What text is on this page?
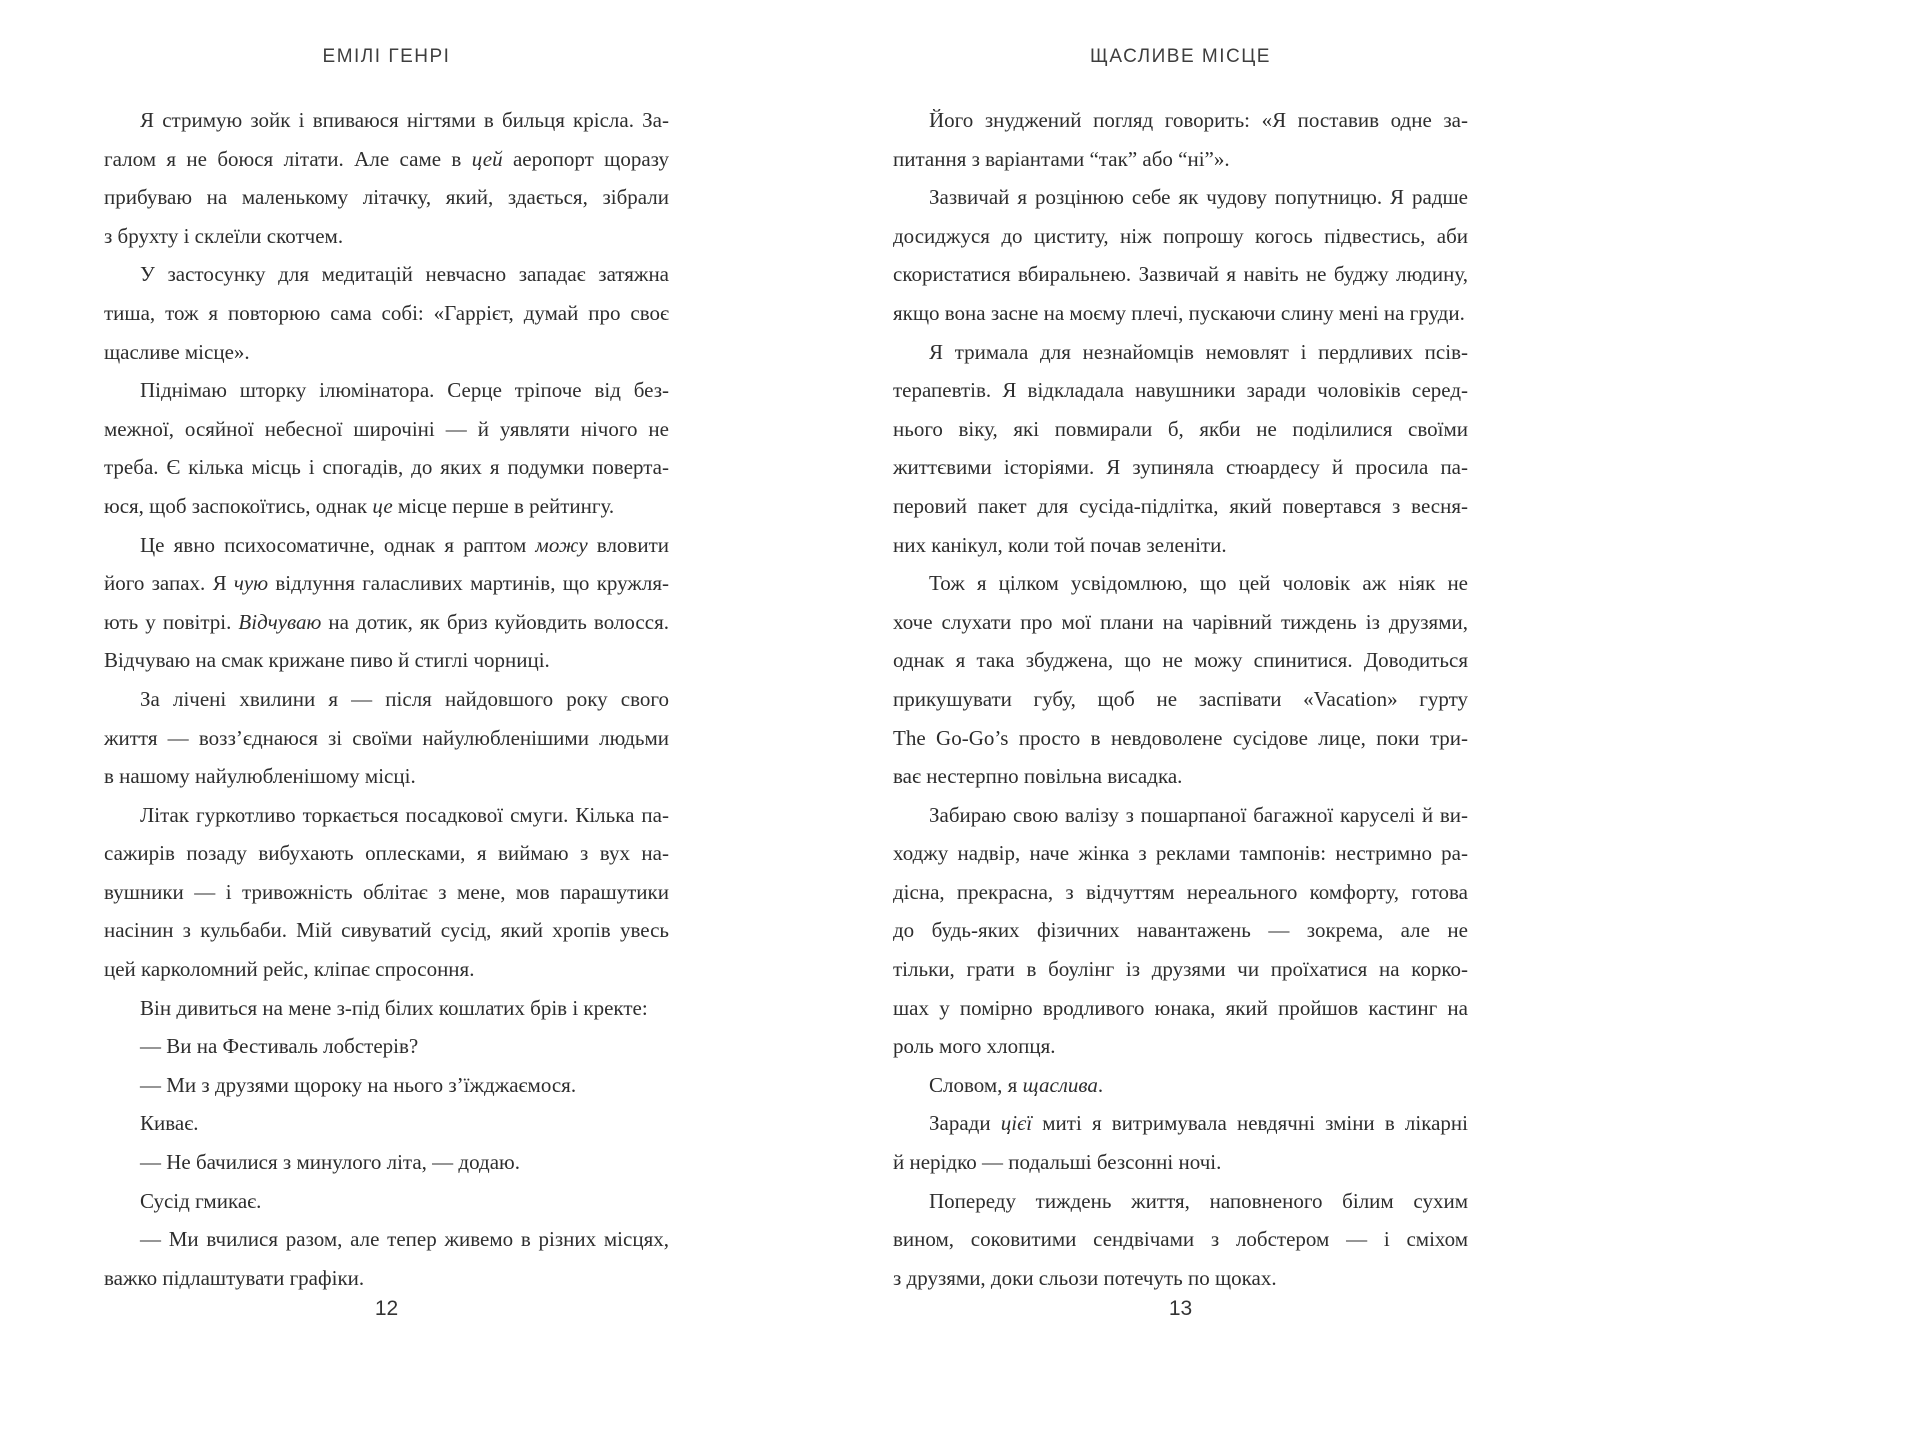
ЕМІЛІ ГЕНРІ
Я стримую зойк і впиваюся нігтями в бильця крісла. За-
галом я не боюся літати. Але саме в цей аеропорт щоразу
прибуваю на маленькому літачку, який, здається, зібрали
з брухту і склеїли скотчем.
У застосунку для медитацій невчасно западає затяжна
тиша, тож я повторюю сама собі: «Гаррієт, думай про своє
щасливе місце».
Піднімаю шторку ілюмінатора. Серце тріпоче від без-
межної, осяйної небесної широчіні — й уявляти нічого не
треба. Є кілька місць і спогадів, до яких я подумки поверта-
юся, щоб заспокоїтись, однак це місце перше в рейтингу.
Це явно психосоматичне, однак я раптом можу вловити
його запах. Я чую відлуння галасливих мартинів, що кружля-
ють у повітрі. Відчуваю на дотик, як бриз куйовдить волосся.
Відчуваю на смак крижане пиво й стиглі чорниці.
За лічені хвилини я — після найдовшого року свого
життя — возз’єднаюся зі своїми найулюбленішими людьми
в нашому найулюбленішому місці.
Літак гуркотливо торкається посадкової смуги. Кілька па-
сажирів позаду вибухають оплесками, я виймаю з вух на-
вушники — і тривожність облітає з мене, мов парашутики
насінин з кульбаби. Мій сивуватий сусід, який хропів увесь
цей карколомний рейс, кліпає спросоння.
Він дивиться на мене з-під білих кошлатих брів і кректе:
— Ви на Фестиваль лобстерів?
— Ми з друзями щороку на нього з’їжджаємося.
Киває.
— Не бачилися з минулого літа, — додаю.
Сусід гмикає.
— Ми вчилися разом, але тепер живемо в різних місцях,
важко підлаштувати графіки.
12
ЩАСЛИВЕ МІСЦЕ
Його знуджений погляд говорить: «Я поставив одне за-
питання з варіантами “так” або “ні”».
Зазвичай я розцінюю себе як чудову попутницю. Я радше
досиджуся до циститу, ніж попрошу когось підвестись, аби
скористатися вбиральнею. Зазвичай я навіть не буджу людину,
якщо вона засне на моєму плечі, пускаючи слину мені на груди.
Я тримала для незнайомців немовлят і пердливих псів-
терапевтів. Я відкладала навушники заради чоловіків серед-
нього віку, які повмирали б, якби не поділилися своїми
життєвими історіями. Я зупиняла стюардесу й просила па-
перовий пакет для сусіда-підлітка, який повертався з весня-
них канікул, коли той почав зеленіти.
Тож я цілком усвідомлюю, що цей чоловік аж ніяк не
хоче слухати про мої плани на чарівний тиждень із друзями,
однак я така збуджена, що не можу спинитися. Доводиться
прикушувати губу, щоб не заспівати «Vacation» гурту
The Go-Go’s просто в невдоволене сусідове лице, поки три-
ває нестерпно повільна висадка.
Забираю свою валізу з пошарпаної багажної каруселі й ви-
ходжу надвір, наче жінка з реклами тампонів: нестримно ра-
дісна, прекрасна, з відчуттям нереального комфорту, готова
до будь-яких фізичних навантажень — зокрема, але не
тільки, грати в боулінг із друзями чи проїхатися на корко-
шах у помірно вродливого юнака, який пройшов кастинг на
роль мого хлопця.
Словом, я щаслива.
Заради цієї миті я витримувала невдячні зміни в лікарні
й нерідко — подальші безсонні ночі.
Попереду тиждень життя, наповненого білим сухим
вином, соковитими сендвічами з лобстером — і сміхом
з друзями, доки сльози потечуть по щоках.
13
